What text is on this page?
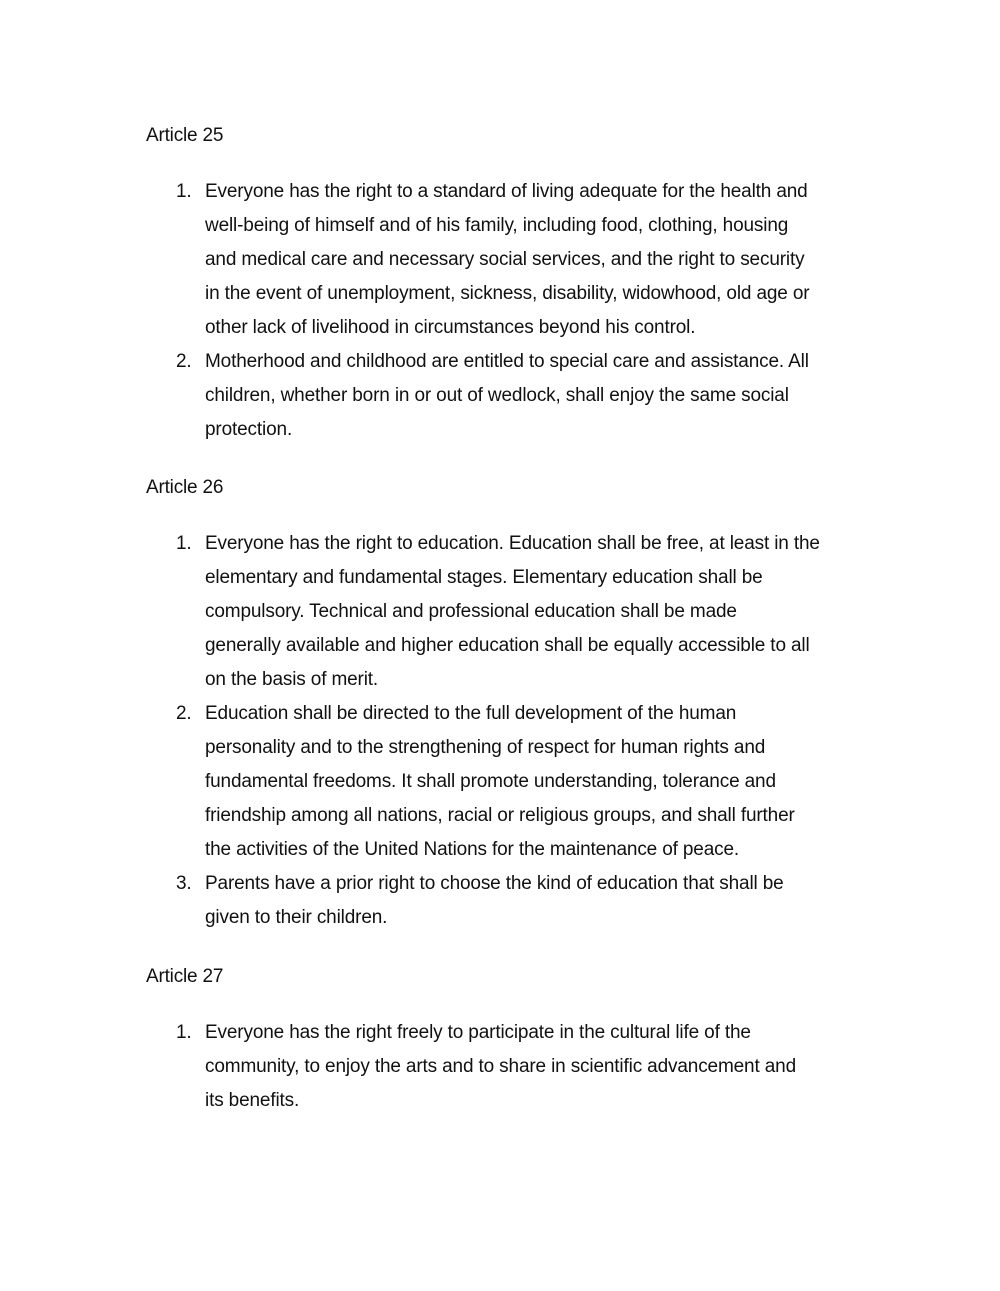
Article 25
1. Everyone has the right to a standard of living adequate for the health and
well-being of himself and of his family, including food, clothing, housing
and medical care and necessary social services, and the right to security
in the event of unemployment, sickness, disability, widowhood, old age or
other lack of livelihood in circumstances beyond his control.
2. Motherhood and childhood are entitled to special care and assistance. All
children, whether born in or out of wedlock, shall enjoy the same social
protection.
Article 26
1. Everyone has the right to education. Education shall be free, at least in the
elementary and fundamental stages. Elementary education shall be
compulsory. Technical and professional education shall be made
generally available and higher education shall be equally accessible to all
on the basis of merit.
2. Education shall be directed to the full development of the human
personality and to the strengthening of respect for human rights and
fundamental freedoms. It shall promote understanding, tolerance and
friendship among all nations, racial or religious groups, and shall further
the activities of the United Nations for the maintenance of peace.
3. Parents have a prior right to choose the kind of education that shall be
given to their children.
Article 27
1. Everyone has the right freely to participate in the cultural life of the
community, to enjoy the arts and to share in scientific advancement and
its benefits.
